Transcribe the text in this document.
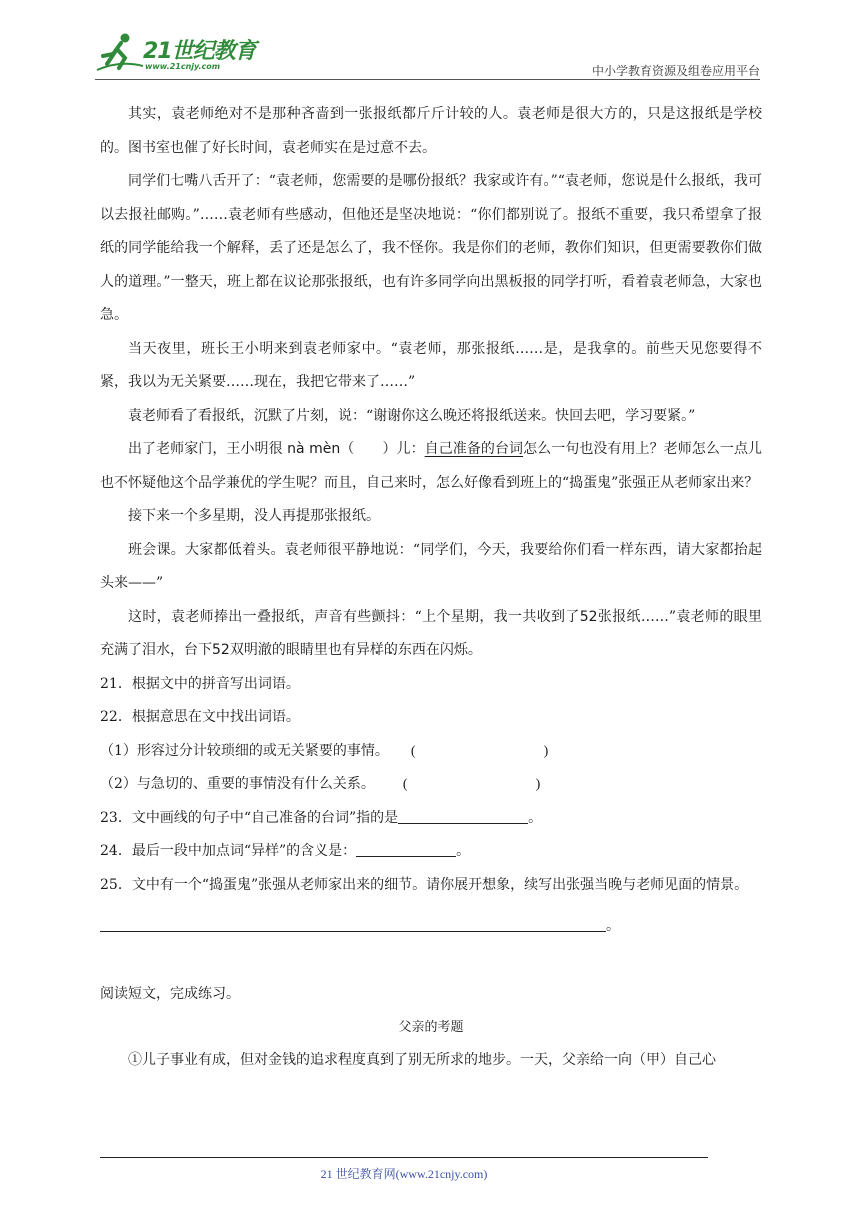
21世纪教育
www.21cnjy.com	中小学教育资源及组卷应用平台

其实，袁老师绝对不是那种吝啬到一张报纸都斤斤计较的人。袁老师是很大方的，只是这报纸是学校的。图书室也催了好长时间，袁老师实在是过意不去。

同学们七嘴八舌开了：“袁老师，您需要的是哪份报纸？我家或许有。”“袁老师，您说是什么报纸，我可以去报社邮购。”……袁老师有些感动，但他还是坚决地说：“你们都别说了。报纸不重要，我只希望拿了报纸的同学能给我一个解释，丢了还是怎么了，我不怪你。我是你们的老师，教你们知识，但更需要教你们做人的道理。”一整天，班上都在议论那张报纸，也有许多同学向出黑板报的同学打听，看着袁老师急，大家也急。

当天夜里，班长王小明来到袁老师家中。“袁老师，那张报纸……是，是我拿的。前些天见您要得不紧，我以为无关紧要……现在，我把它带来了……”

袁老师看了看报纸，沉默了片刻，说：“谢谢你这么晚还将报纸送来。快回去吧，学习要紧。”

出了老师家门，王小明很 nà mèn（　　）儿：自己准备的台词怎么一句也没有用上？老师怎么一点儿也不怀疑他这个品学兼优的学生呢？而且，自己来时，怎么好像看到班上的“捣蛋鬼”张强正从老师家出来？

接下来一个多星期，没人再提那张报纸。

班会课。大家都低着头。袁老师很平静地说：“同学们，今天，我要给你们看一样东西，请大家都抬起头来——”

这时，袁老师捧出一叠报纸，声音有些颤抖：“上个星期，我一共收到了52张报纸……”袁老师的眼里充满了泪水，台下52双明澈的眼睛里也有异 •样 •的东西在闪烁。

21．根据文中的拼音写出词语。

22．根据意思在文中找出词语。

（1）形容过分计较琐细的或无关紧要的事情。 (	)

（2）与急切的、重要的事情没有什么关系。 (	)

23．文中画线的句子中“自己准备的台词”指的是	。

24．最后一段中加点词“异样”的含义是：	。

25．文中有一个“捣蛋鬼”张强从老师家出来的细节。请你展开想象，续写出张强当晚与老师见面的情景。

。

阅读短文，完成练习。

父亲的考题

①儿子事业有成，但对金钱的追求程度真到了别无所求的地步。一天，父亲给一向（甲）自己心

21 世纪教育网(www.21cnjy.com)
